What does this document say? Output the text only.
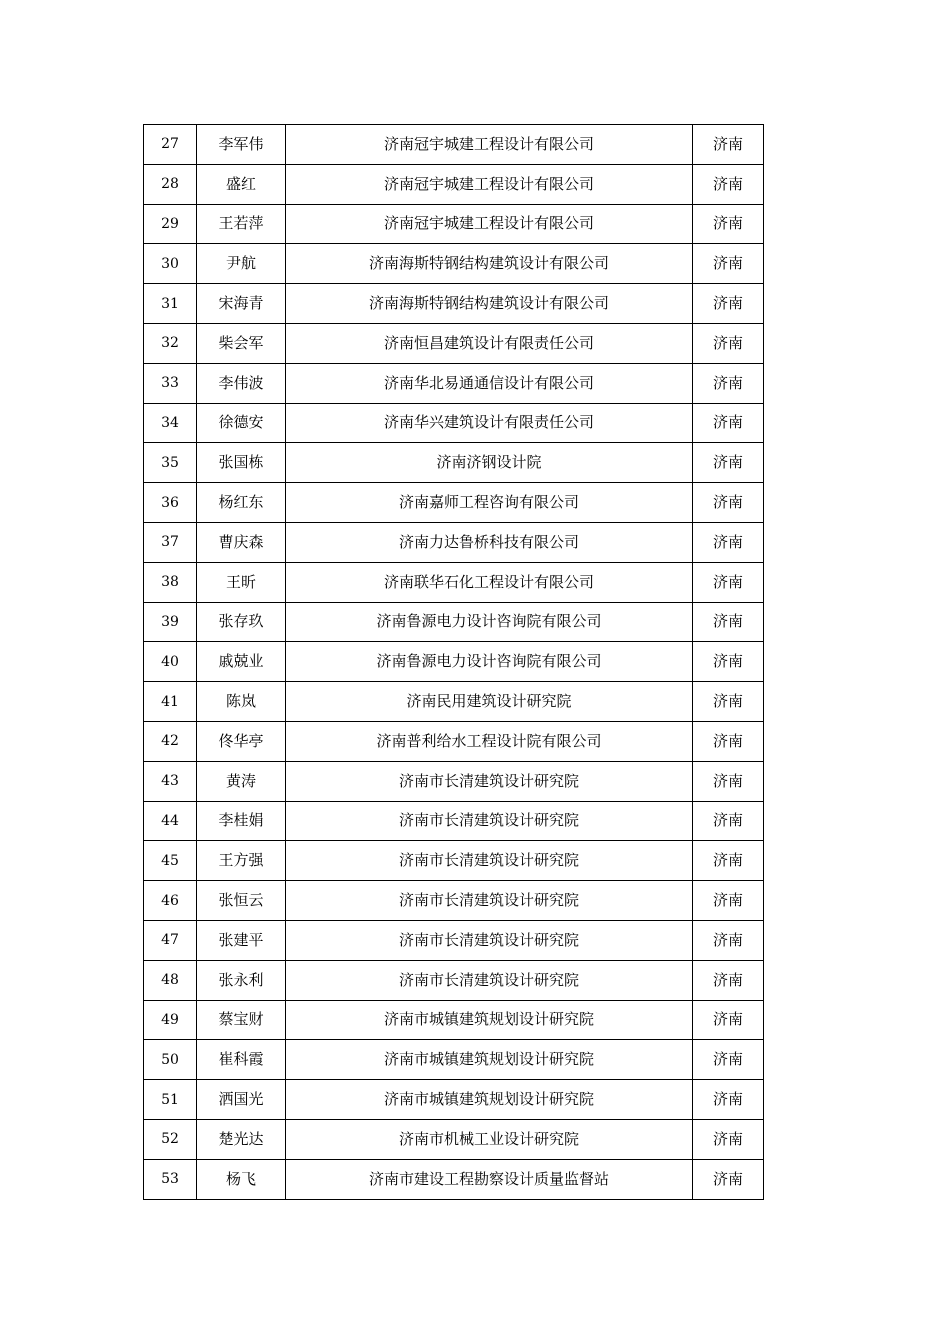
27	李军伟	济南冠宇城建工程设计有限公司	济南
28	盛红	济南冠宇城建工程设计有限公司	济南
29	王若萍	济南冠宇城建工程设计有限公司	济南
30	尹航	济南海斯特钢结构建筑设计有限公司	济南
31	宋海青	济南海斯特钢结构建筑设计有限公司	济南
32	柴会军	济南恒昌建筑设计有限责任公司	济南
33	李伟波	济南华北易通通信设计有限公司	济南
34	徐德安	济南华兴建筑设计有限责任公司	济南
35	张国栋	济南济钢设计院	济南
36	杨红东	济南嘉师工程咨询有限公司	济南
37	曹庆森	济南力达鲁桥科技有限公司	济南
38	王昕	济南联华石化工程设计有限公司	济南
39	张存玖	济南鲁源电力设计咨询院有限公司	济南
40	戚兢业	济南鲁源电力设计咨询院有限公司	济南
41	陈岚	济南民用建筑设计研究院	济南
42	佟华亭	济南普利给水工程设计院有限公司	济南
43	黄涛	济南市长清建筑设计研究院	济南
44	李桂娟	济南市长清建筑设计研究院	济南
45	王方强	济南市长清建筑设计研究院	济南
46	张恒云	济南市长清建筑设计研究院	济南
47	张建平	济南市长清建筑设计研究院	济南
48	张永利	济南市长清建筑设计研究院	济南
49	蔡宝财	济南市城镇建筑规划设计研究院	济南
50	崔科霞	济南市城镇建筑规划设计研究院	济南
51	洒国光	济南市城镇建筑规划设计研究院	济南
52	楚光达	济南市机械工业设计研究院	济南
53	杨飞	济南市建设工程勘察设计质量监督站	济南
